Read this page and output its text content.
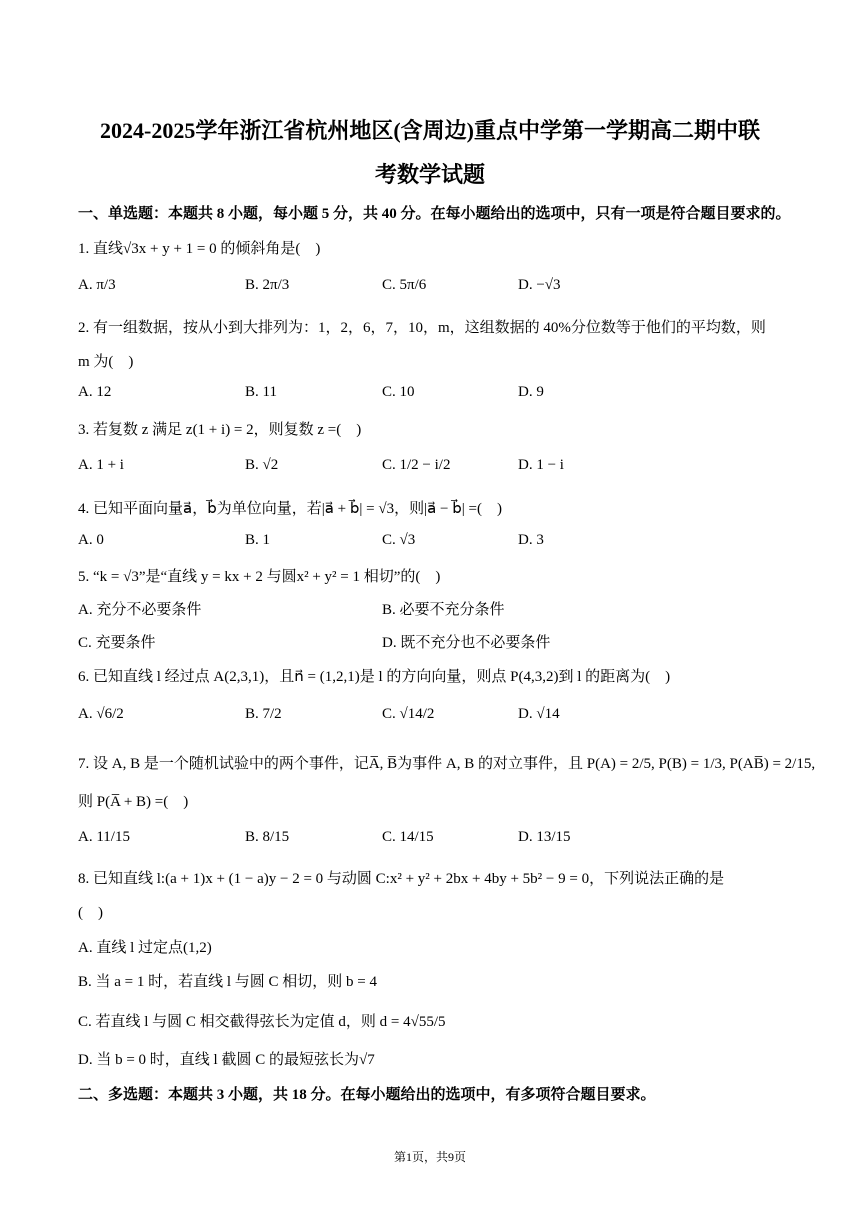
2024-2025学年浙江省杭州地区(含周边)重点中学第一学期高二期中联
考数学试题
一、单选题：本题共 8 小题，每小题 5 分，共 40 分。在每小题给出的选项中，只有一项是符合题目要求的。
1. 直线√3x + y + 1 = 0 的倾斜角是(　)
A. π/3	B. 2π/3	C. 5π/6	D. −√3
2. 有一组数据，按从小到大排列为：1，2，6，7，10，m，这组数据的 40%分位数等于他们的平均数，则
m 为(　)
A. 12	B. 11	C. 10	D. 9
3. 若复数 z 满足 z(1 + i) = 2，则复数 z =(　)
A. 1 + i	B. √2	C. 1/2 − i/2	D. 1 − i
4. 已知平面向量a⃗，b⃗为单位向量，若|a⃗ + b⃗| = √3，则|a⃗ − b⃗| =(　)
A. 0	B. 1	C. √3	D. 3
5. “k = √3”是“直线 y = kx + 2 与圆x² + y² = 1 相切”的(　)
A. 充分不必要条件	B. 必要不充分条件
C. 充要条件	D. 既不充分也不必要条件
6. 已知直线 l 经过点 A(2,3,1)，且n⃗ = (1,2,1)是 l 的方向向量，则点 P(4,3,2)到 l 的距离为(　)
A. √6/2	B. 7/2	C. √14/2	D. √14
7. 设 A, B 是一个随机试验中的两个事件，记A̅, B̅为事件 A, B 的对立事件，且 P(A) = 2/5, P(B) = 1/3, P(AB̅) = 2/15,
则 P(A̅ + B) =(　)
A. 11/15	B. 8/15	C. 14/15	D. 13/15
8. 已知直线 l:(a + 1)x + (1 − a)y − 2 = 0 与动圆 C:x² + y² + 2bx + 4by + 5b² − 9 = 0，下列说法正确的是
(　)
A. 直线 l 过定点(1,2)
B. 当 a = 1 时，若直线 l 与圆 C 相切，则 b = 4
C. 若直线 l 与圆 C 相交截得弦长为定值 d，则 d = 4√55/5
D. 当 b = 0 时，直线 l 截圆 C 的最短弦长为√7
二、多选题：本题共 3 小题，共 18 分。在每小题给出的选项中，有多项符合题目要求。
第1页，共9页
